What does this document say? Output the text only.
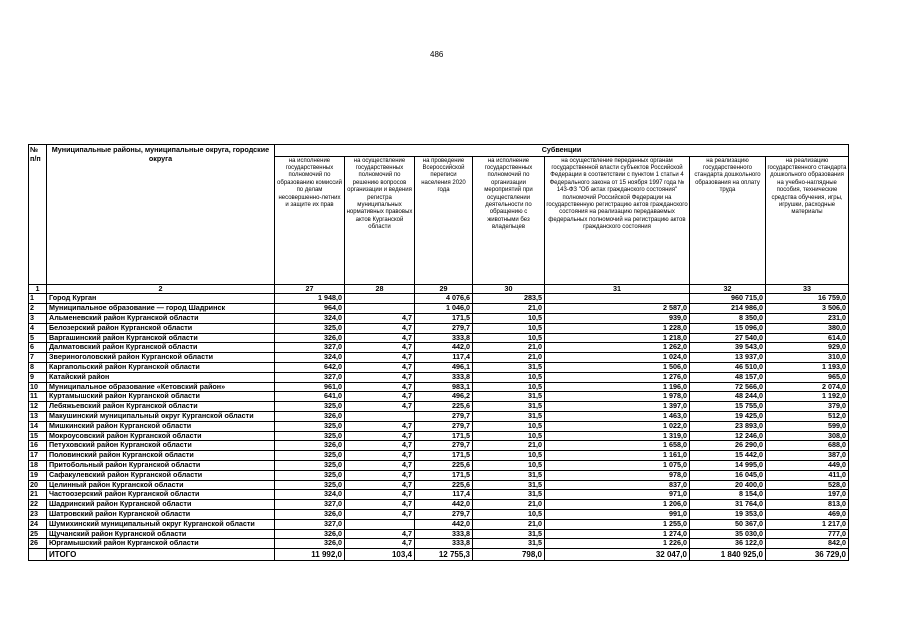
486
№ п/п	Муниципальные районы, муниципальные округа, городские округа	Субвенции						
		на исполнение государственных полномочий по образованию комиссий по делам несовершенно-летних и защите их прав	на осуществление государственных полномочий по решению вопросов организации и ведения регистра муниципальных нормативных правовых актов Курганской области	на проведение Всероссийской переписи населения 2020 года	на исполнение государственных полномочий по организации мероприятий при осуществлении деятельности по обращению с животными без владельцев	на осуществление переданных органам государственной власти субъектов Российской Федерации в соответствии с пунктом 1 статьи 4 Федерального закона от 15 ноября 1997 года № 143-ФЗ "Об актах гражданского состояния" полномочий Российской Федерации на государственную регистрацию актов гражданского состояния на реализацию передаваемых федеральных полномочий на регистрацию актов гражданского состояния	на реализацию государственного стандарта дошкольного образования на оплату труда	на реализацию государственного стандарта дошкольного образования на учебно-наглядные пособия, технические средства обучения, игры, игрушки, расходные материалы
1	2	27	28	29	30	31	32	33
1	Город Курган	1 948,0		4 076,6	283,5		960 715,0	16 759,0
2	Муниципальное образование — город Шадринск	964,0		1 046,0	21,0	2 587,0	214 986,0	3 506,0
3	Альменевский район Курганской области	324,0	4,7	171,5	10,5	939,0	8 350,0	231,0
4	Белозерский район Курганской области	325,0	4,7	279,7	10,5	1 228,0	15 096,0	380,0
5	Варгашинский район Курганской области	326,0	4,7	333,8	10,5	1 218,0	27 540,0	614,0
6	Далматовский район Курганской области	327,0	4,7	442,0	21,0	1 262,0	39 543,0	929,0
7	Звериноголовский район Курганской области	324,0	4,7	117,4	21,0	1 024,0	13 937,0	310,0
8	Каргапольский район Курганской области	642,0	4,7	496,1	31,5	1 506,0	46 510,0	1 193,0
9	Катайский район	327,0	4,7	333,8	10,5	1 276,0	48 157,0	965,0
10	Муниципальное образование «Кетовский район»	961,0	4,7	983,1	10,5	1 196,0	72 566,0	2 074,0
11	Куртамышский район Курганской области	641,0	4,7	496,2	31,5	1 978,0	48 244,0	1 192,0
12	Лебяжьевский район Курганской области	325,0	4,7	225,6	31,5	1 397,0	15 755,0	379,0
13	Макушинский муниципальный округ Курганской области	326,0		279,7	31,5	1 463,0	19 425,0	512,0
14	Мишкинский район Курганской области	325,0	4,7	279,7	10,5	1 022,0	23 893,0	599,0
15	Мокроусовский район Курганской области	325,0	4,7	171,5	10,5	1 319,0	12 246,0	308,0
16	Петуховский район Курганской области	326,0	4,7	279,7	21,0	1 658,0	26 290,0	688,0
17	Половинский район Курганской области	325,0	4,7	171,5	10,5	1 161,0	15 442,0	387,0
18	Притобольный район Курганской области	325,0	4,7	225,6	10,5	1 075,0	14 995,0	449,0
19	Сафакулевский район Курганской области	325,0	4,7	171,5	31,5	978,0	16 045,0	411,0
20	Целинный район Курганской области	325,0	4,7	225,6	31,5	837,0	20 400,0	528,0
21	Частоозерский район Курганской области	324,0	4,7	117,4	31,5	971,0	8 154,0	197,0
22	Шадринский район Курганской области	327,0	4,7	442,0	21,0	1 206,0	31 764,0	813,0
23	Шатровский район Курганской области	326,0	4,7	279,7	10,5	991,0	19 353,0	469,0
24	Шумихинский муниципальный округ Курганской области	327,0		442,0	21,0	1 255,0	50 367,0	1 217,0
25	Щучанский район Курганской области	326,0	4,7	333,8	31,5	1 274,0	35 030,0	777,0
26	Юргамышский район Курганской области	326,0	4,7	333,8	31,5	1 226,0	36 122,0	842,0
	ИТОГО	11 992,0	103,4	12 755,3	798,0	32 047,0	1 840 925,0	36 729,0
